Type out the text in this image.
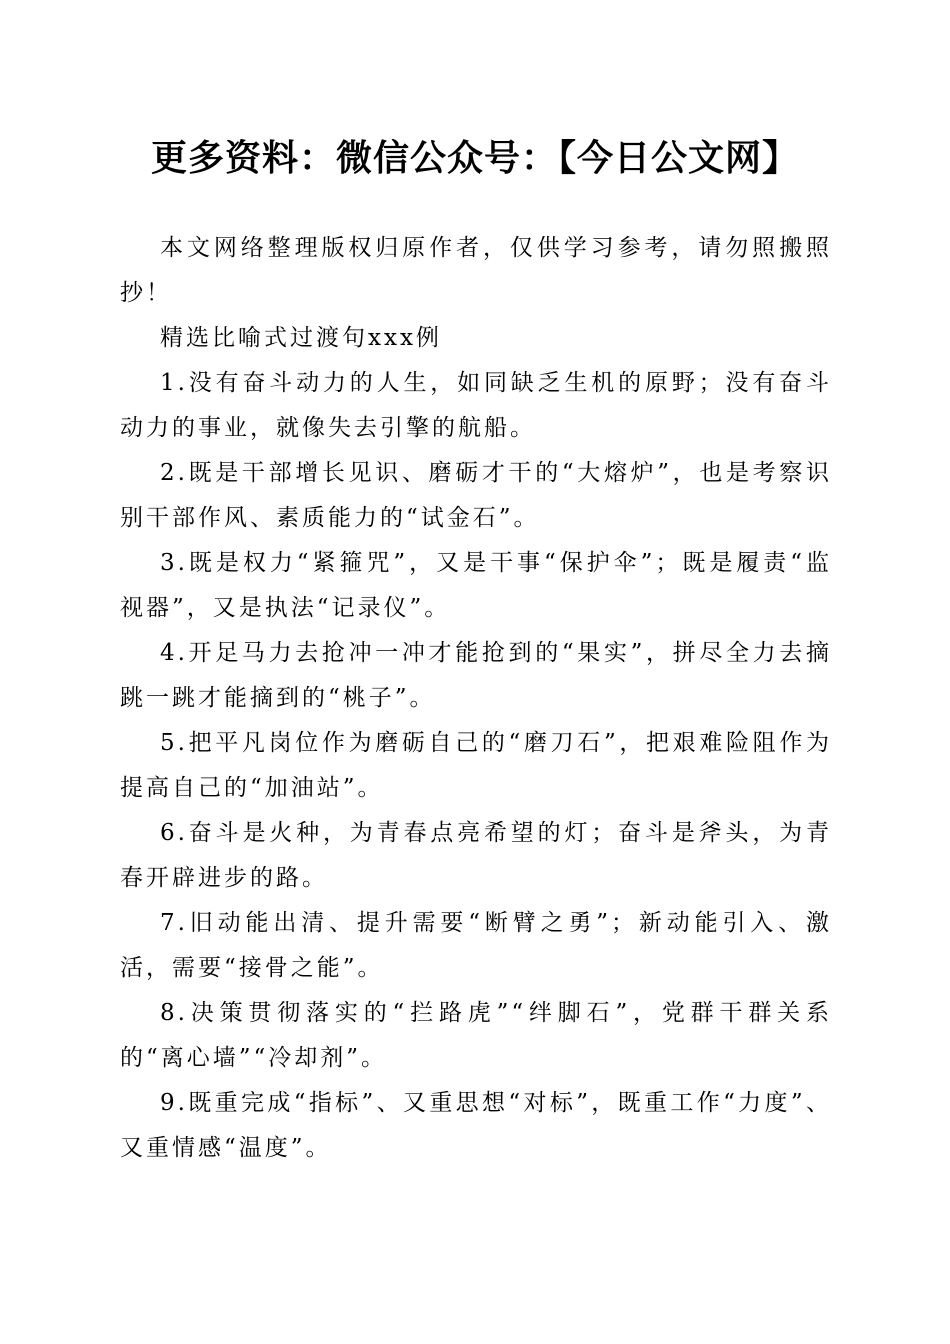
更多资料：微信公众号：【今日公文网】

本文网络整理版权归原作者，仅供学习参考，请勿照搬照抄！

精选比喻式过渡句xxx例

1.没有奋斗动力的人生，如同缺乏生机的原野；没有奋斗动力的事业，就像失去引擎的航船。

2.既是干部增长见识、磨砺才干的“大熔炉”，也是考察识别干部作风、素质能力的“试金石”。

3.既是权力“紧箍咒”，又是干事“保护伞”；既是履责“监视器”，又是执法“记录仪”。

4.开足马力去抢冲一冲才能抢到的“果实”，拼尽全力去摘跳一跳才能摘到的“桃子”。

5.把平凡岗位作为磨砺自己的“磨刀石”，把艰难险阻作为提高自己的“加油站”。

6.奋斗是火种，为青春点亮希望的灯；奋斗是斧头，为青春开辟进步的路。

7.旧动能出清、提升需要“断臂之勇”；新动能引入、激活，需要“接骨之能”。

8.决策贯彻落实的“拦路虎”“绊脚石”，党群干群关系的“离心墙”“冷却剂”。

9.既重完成“指标”、又重思想“对标”，既重工作“力度”、又重情感“温度”。
